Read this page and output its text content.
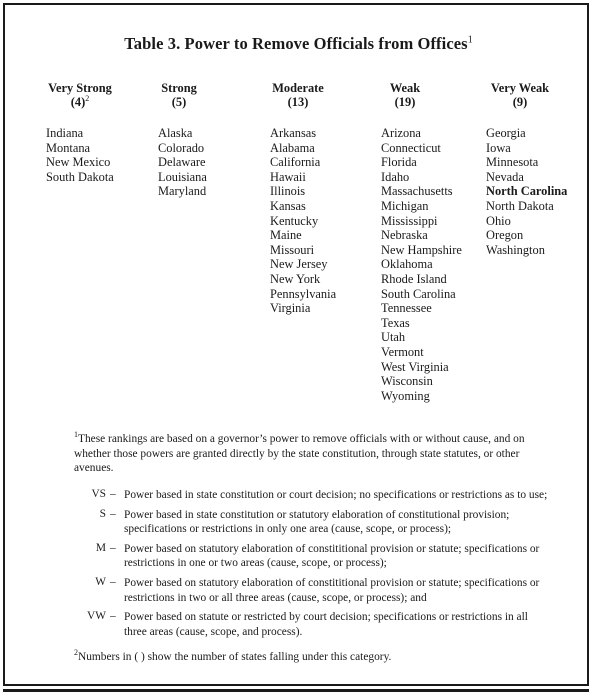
Table 3. Power to Remove Officials from Offices$^1$
Very Strong
$(4)^2$
Indiana
Montana
New Mexico
South Dakota
Strong
(5)
Alaska
Colorado
Delaware
Louisiana
Maryland
Moderate
(13)
Arkansas
Alabama
California
Hawaii
Illinois
Kansas
Kentucky
Maine
Missouri
New Jersey
New York
Pennsylvania
Virginia
Weak
(19)
Arizona
Connecticut
Florida
Idaho
Massachusetts
Michigan
Mississippi
Nebraska
New Hampshire
Oklahoma
Rhode Island
South Carolina
Tennessee
Texas
Utah
Vermont
West Virginia
Wisconsin
Wyoming
Very Weak
(9)
Georgia
Iowa
Minnesota
Nevada
North Carolina
North Dakota
Ohio
Oregon
Washington
$^1$These rankings are based on a governor’s power to remove officials with or without cause, and on whether those powers are granted directly by the state constitution, through state statutes, or other avenues.
VS – Power based in state constitution or court decision; no specifications or restrictions as to use;
S – Power based in state constitution or statutory elaboration of constitutional provision; specifications or restrictions in only one area (cause, scope, or process);
M – Power based on statutory elaboration of constititional provision or statute; specifications or restrictions in one or two areas (cause, scope, or process);
W – Power based on statutory elaboration of constititional provision or statute; specifications or restrictions in two or all three areas (cause, scope, or process); and
VW – Power based on statute or restricted by court decision; specifications or restrictions in all three areas (cause, scope, and process).
$^2$Numbers in ( ) show the number of states falling under this category.
